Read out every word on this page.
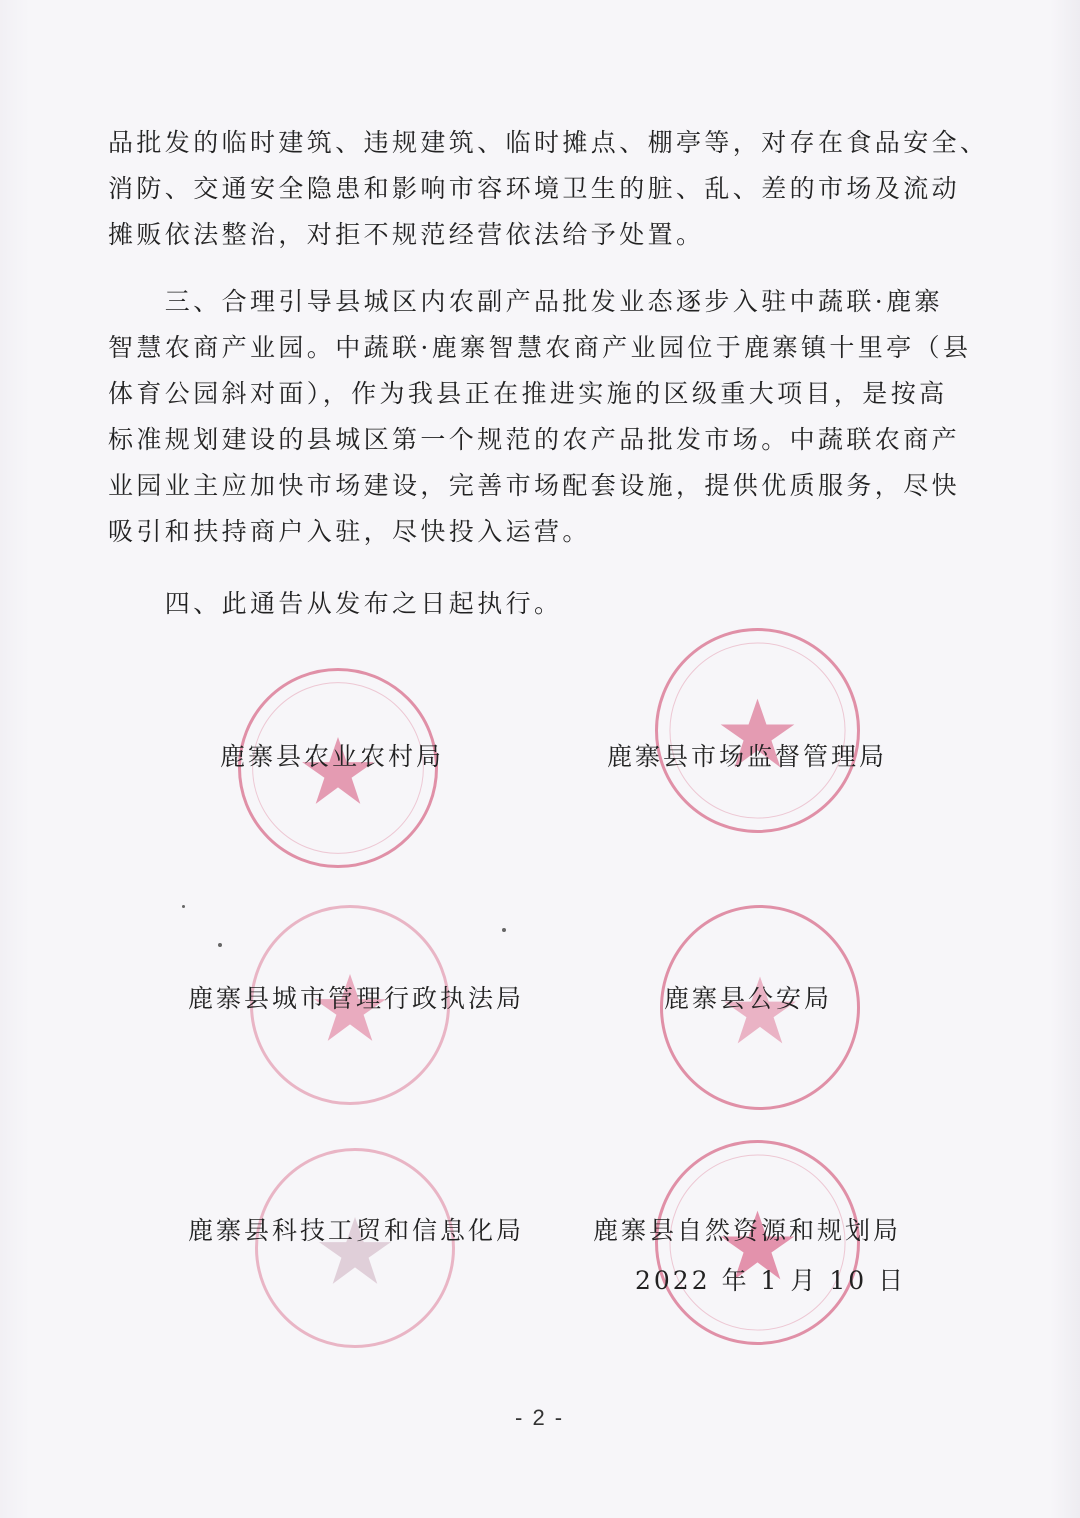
品批发的临时建筑、违规建筑、临时摊点、棚亭等，对存在食品安全、
消防、交通安全隐患和影响市容环境卫生的脏、乱、差的市场及流动
摊贩依法整治，对拒不规范经营依法给予处置。
　　三、合理引导县城区内农副产品批发业态逐步入驻中蔬联·鹿寨
智慧农商产业园。中蔬联·鹿寨智慧农商产业园位于鹿寨镇十里亭（县
体育公园斜对面），作为我县正在推进实施的区级重大项目，是按高
标准规划建设的县城区第一个规范的农产品批发市场。中蔬联农商产
业园业主应加快市场建设，完善市场配套设施，提供优质服务，尽快
吸引和扶持商户入驻，尽快投入运营。
　　四、此通告从发布之日起执行。
鹿寨县农业农村局	鹿寨县市场监督管理局
鹿寨县城市管理行政执法局	鹿寨县公安局
鹿寨县科技工贸和信息化局	鹿寨县自然资源和规划局
2022 年 1 月 10 日
- 2 -
